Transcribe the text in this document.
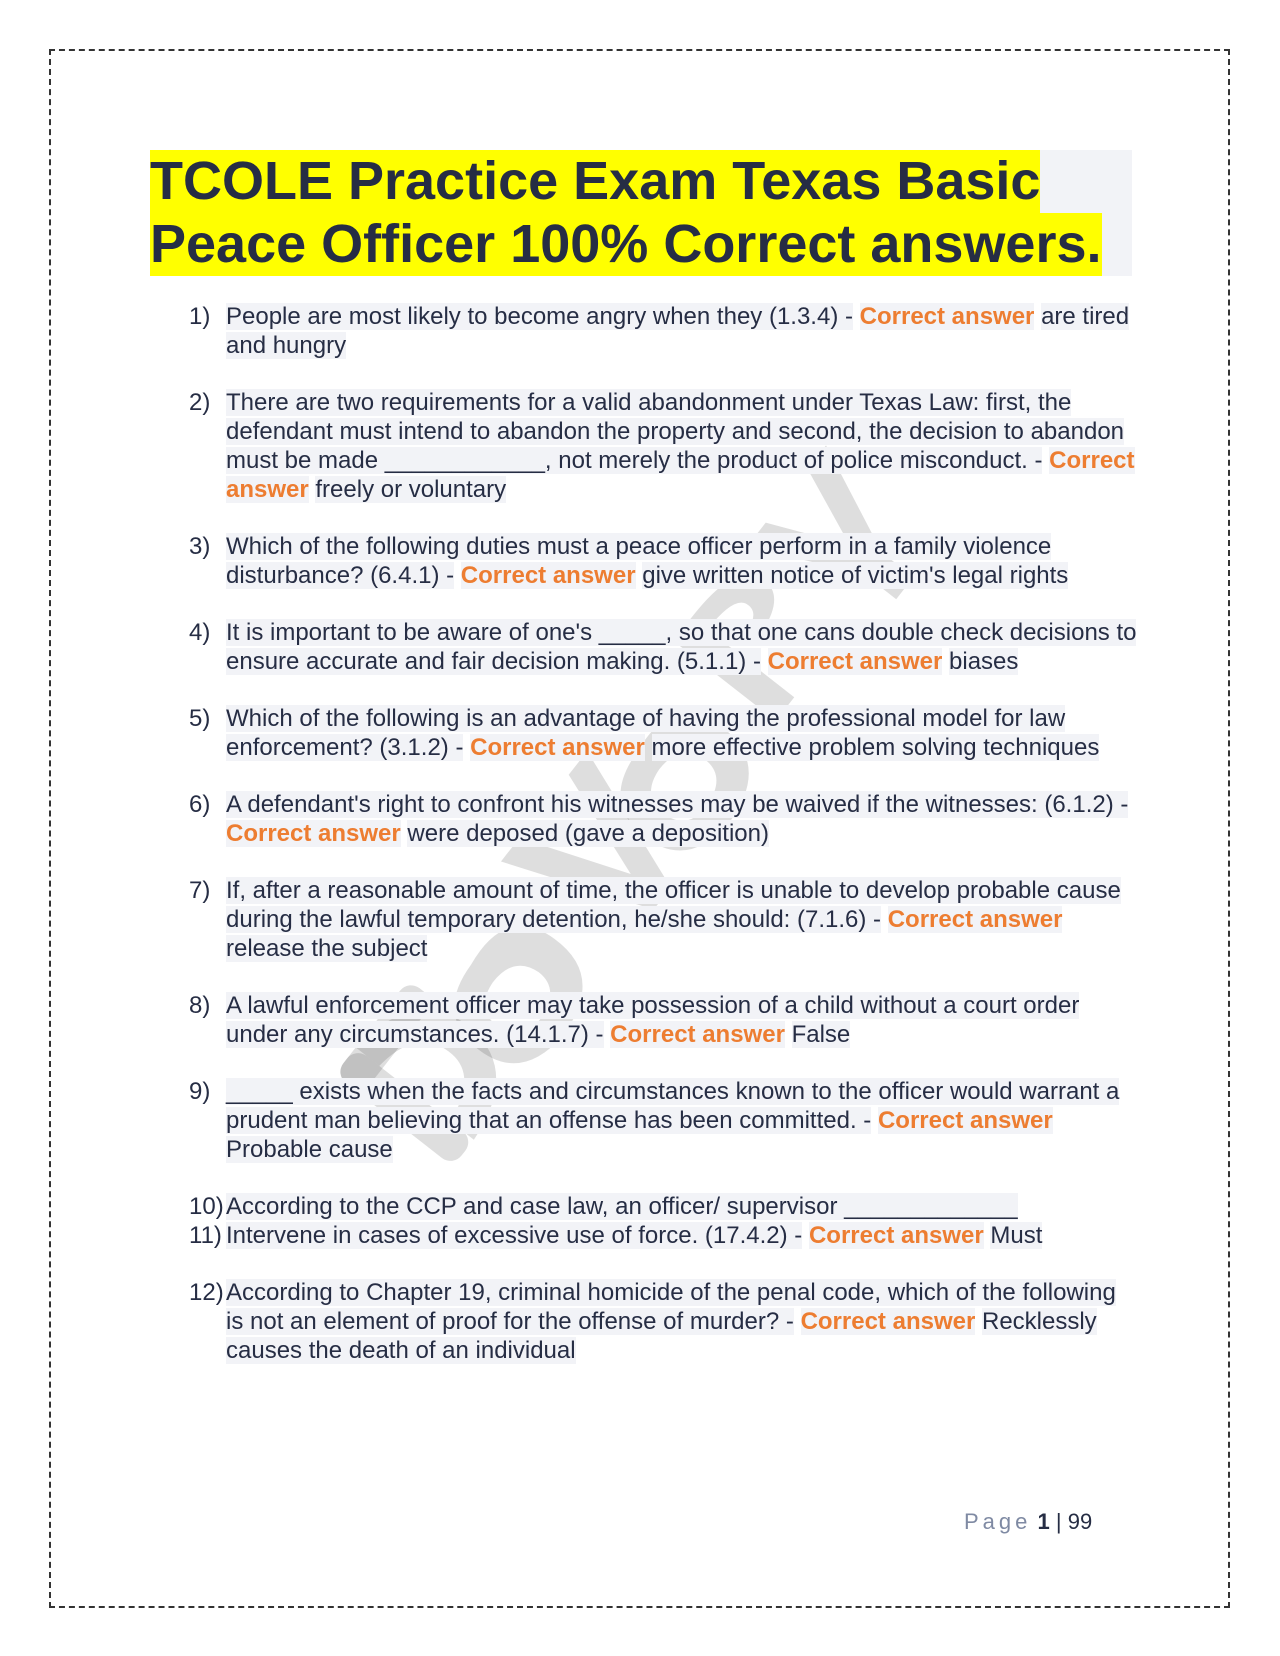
TCOLE Practice Exam Texas Basic
Peace Officer 100% Correct answers.
1) People are most likely to become angry when they (1.3.4) - Correct answer are tired and hungry
2) There are two requirements for a valid abandonment under Texas Law: first, the defendant must intend to abandon the property and second, the decision to abandon must be made ____________, not merely the product of police misconduct. - Correct answer freely or voluntary
3) Which of the following duties must a peace officer perform in a family violence disturbance? (6.4.1) - Correct answer give written notice of victim's legal rights
4) It is important to be aware of one's _____, so that one cans double check decisions to ensure accurate and fair decision making. (5.1.1) - Correct answer biases
5) Which of the following is an advantage of having the professional model for law enforcement? (3.1.2) - Correct answer more effective problem solving techniques
6) A defendant's right to confront his witnesses may be waived if the witnesses: (6.1.2) - Correct answer were deposed (gave a deposition)
7) If, after a reasonable amount of time, the officer is unable to develop probable cause during the lawful temporary detention, he/she should: (7.1.6) - Correct answer release the subject
8) A lawful enforcement officer may take possession of a child without a court order under any circumstances. (14.1.7) - Correct answer False
9) _____ exists when the facts and circumstances known to the officer would warrant a prudent man believing that an offense has been committed. - Correct answer Probable cause
10) According to the CCP and case law, an officer/ supervisor _____________
11) Intervene in cases of excessive use of force. (17.4.2) - Correct answer Must
12) According to Chapter 19, criminal homicide of the penal code, which of the following is not an element of proof for the offense of murder? - Correct answer Recklessly causes the death of an individual
Page 1 | 99
